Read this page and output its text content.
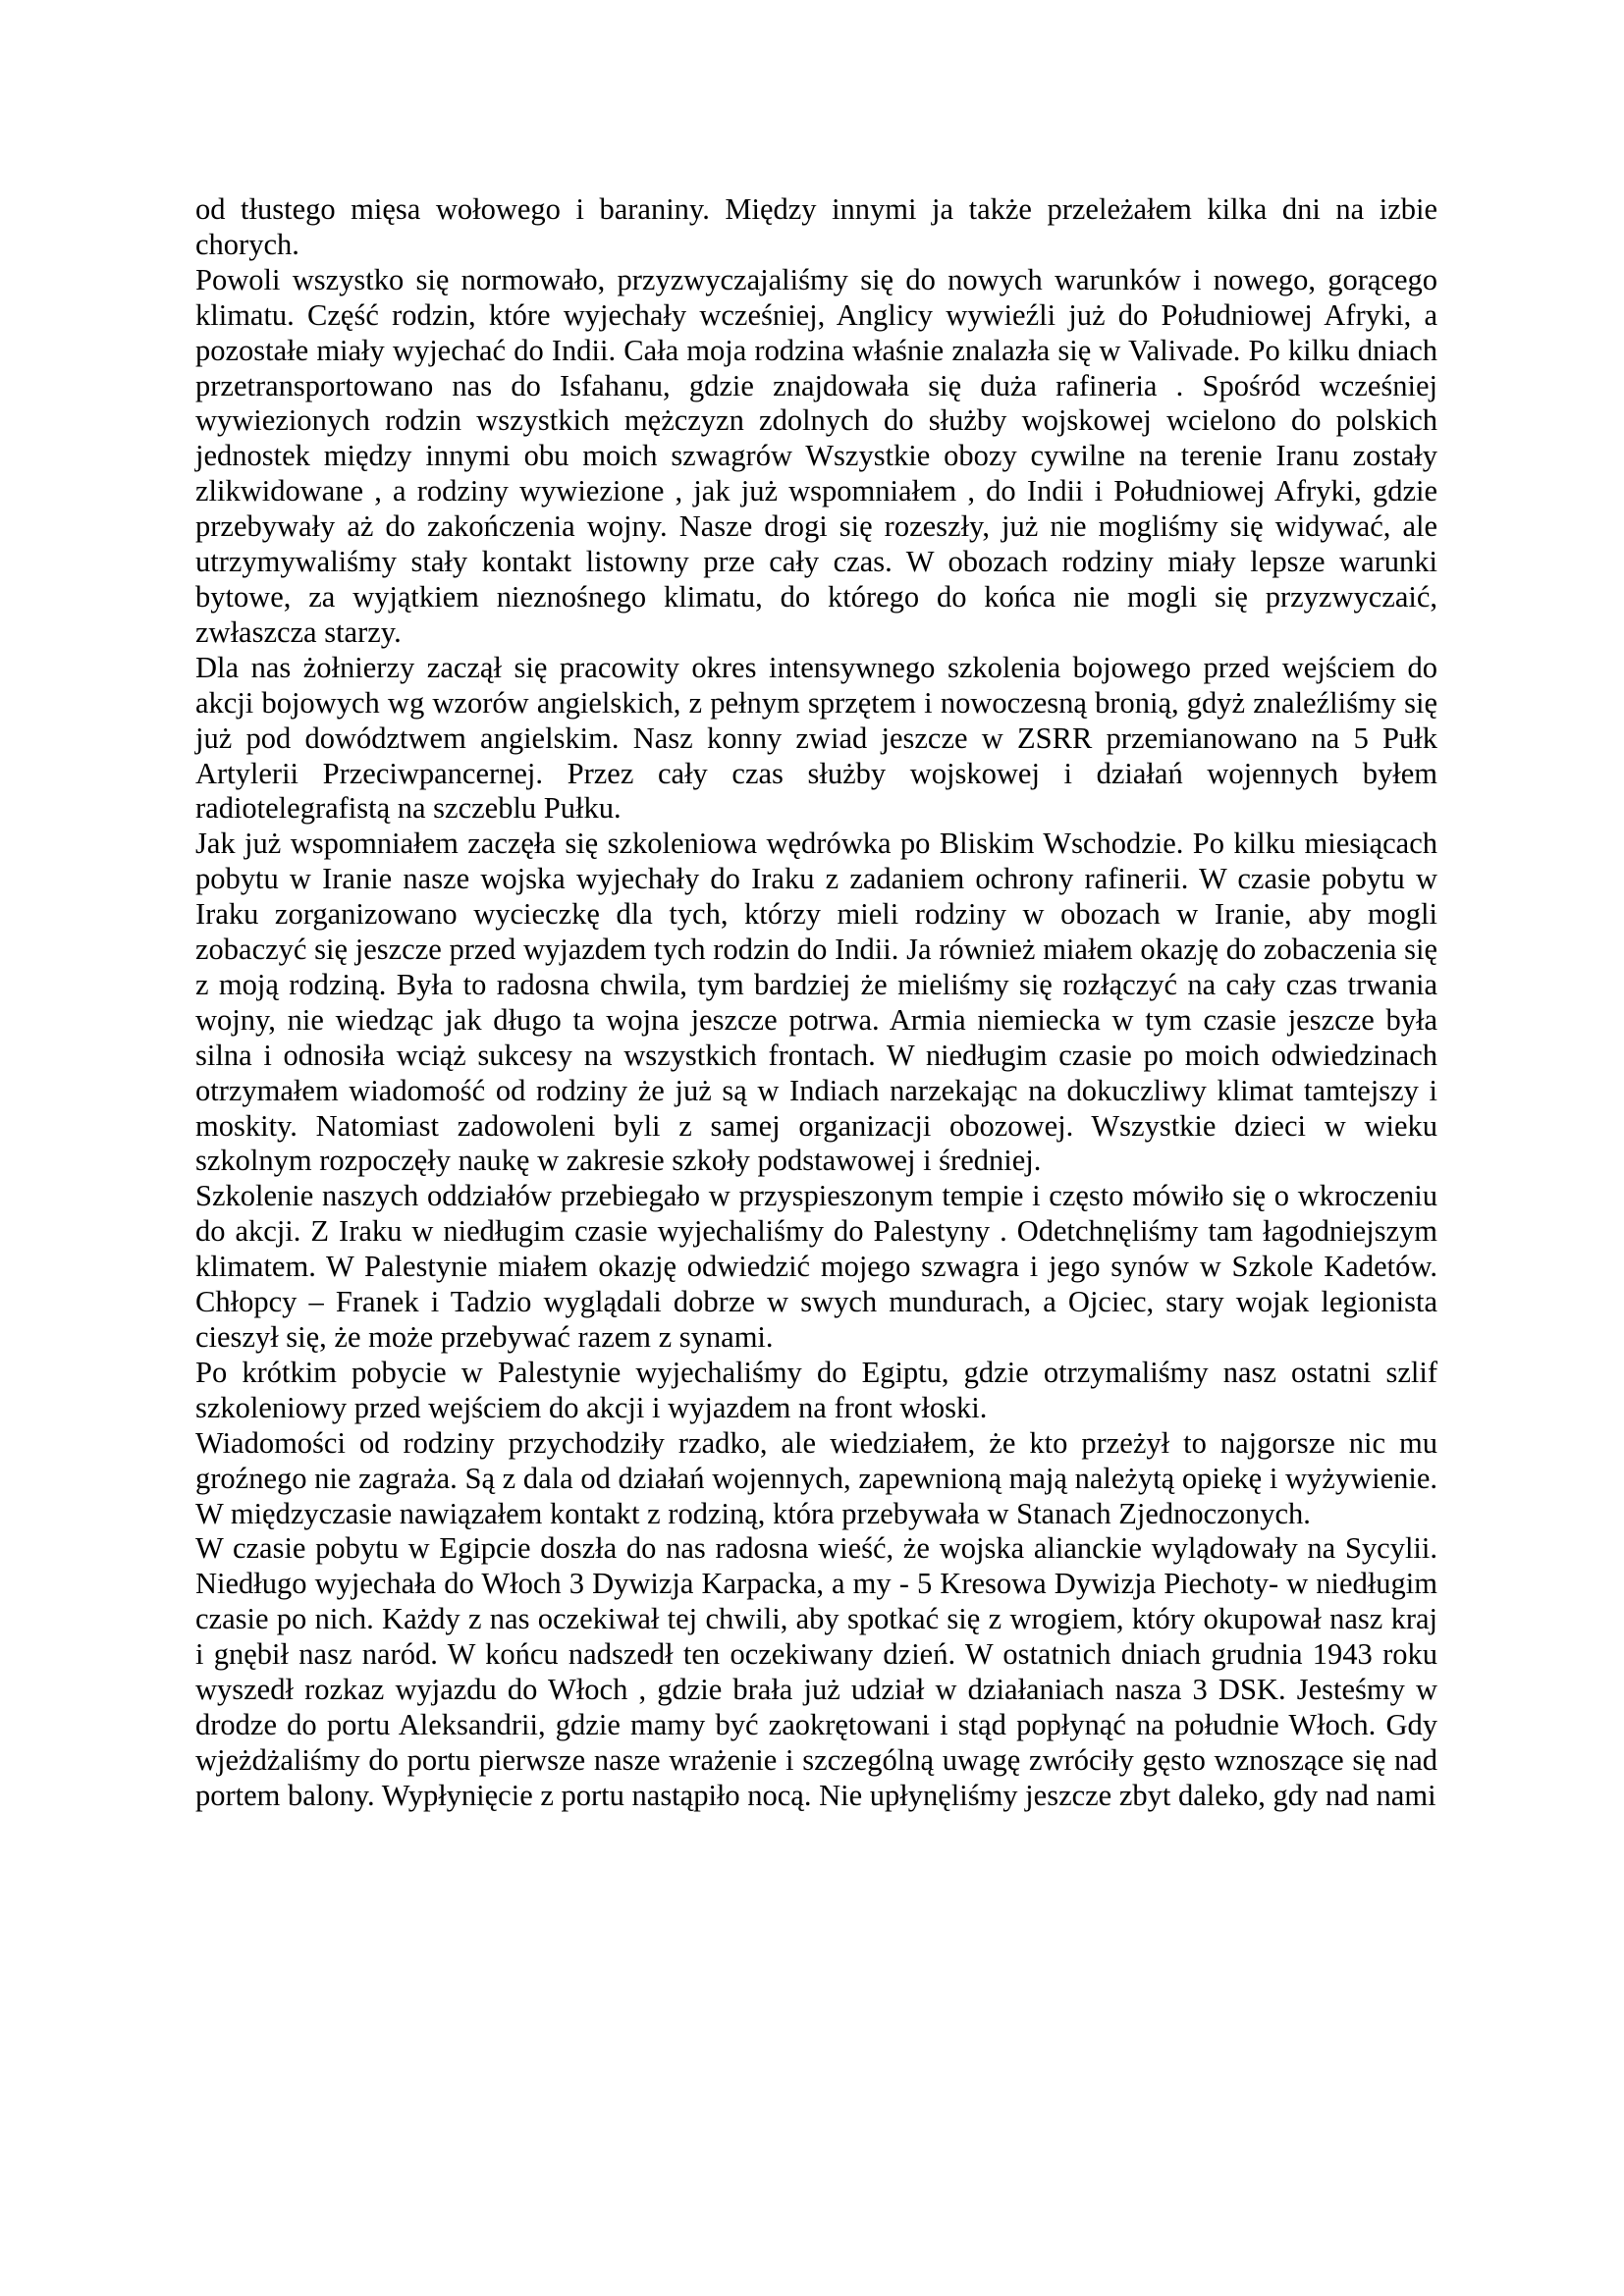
od tłustego mięsa wołowego i baraniny. Między innymi ja także przeleżałem kilka dni na izbie chorych.

Powoli wszystko się normowało, przyzwyczajaliśmy się do nowych warunków i nowego, gorącego klimatu. Część rodzin, które wyjechały wcześniej, Anglicy wywieźli już do Południowej Afryki, a pozostałe miały wyjechać do Indii. Cała moja rodzina właśnie znalazła się w Valivade. Po kilku dniach przetransportowano nas do Isfahanu, gdzie znajdowała się duża rafineria . Spośród wcześniej wywiezionych rodzin wszystkich mężczyzn zdolnych do służby wojskowej wcielono do polskich jednostek między innymi obu moich szwagrów Wszystkie obozy cywilne na terenie Iranu zostały zlikwidowane , a rodziny wywiezione , jak już wspomniałem , do Indii i Południowej Afryki, gdzie przebywały aż do zakończenia wojny. Nasze drogi się rozeszły, już nie mogliśmy się widywać, ale utrzymywaliśmy stały kontakt listowny prze cały czas. W obozach rodziny miały lepsze warunki bytowe, za wyjątkiem nieznośnego klimatu, do którego do końca nie mogli się przyzwyczaić, zwłaszcza starzy.

Dla nas żołnierzy zaczął się pracowity okres intensywnego szkolenia bojowego przed wejściem do akcji bojowych wg wzorów angielskich, z pełnym sprzętem i nowoczesną bronią, gdyż znaleźliśmy się już pod dowództwem angielskim. Nasz konny zwiad jeszcze w ZSRR przemianowano na 5 Pułk Artylerii Przeciwpancernej. Przez cały czas służby wojskowej i działań wojennych byłem radiotelegrafistą na szczeblu Pułku.

Jak już wspomniałem zaczęła się szkoleniowa wędrówka po Bliskim Wschodzie. Po kilku miesiącach pobytu w Iranie nasze wojska wyjechały do Iraku z zadaniem ochrony rafinerii. W czasie pobytu w Iraku zorganizowano wycieczkę dla tych, którzy mieli rodziny w obozach w Iranie, aby mogli zobaczyć się jeszcze przed wyjazdem tych rodzin do Indii. Ja również miałem okazję do zobaczenia się z moją rodziną. Była to radosna chwila, tym bardziej że mieliśmy się rozłączyć na cały czas trwania wojny, nie wiedząc jak długo ta wojna jeszcze potrwa. Armia niemiecka w tym czasie jeszcze była silna i odnosiła wciąż sukcesy na wszystkich frontach. W niedługim czasie po moich odwiedzinach otrzymałem wiadomość od rodziny że już są w Indiach narzekając na dokuczliwy klimat tamtejszy i moskity. Natomiast zadowoleni byli z samej organizacji obozowej. Wszystkie dzieci w wieku szkolnym rozpoczęły naukę w zakresie szkoły podstawowej i średniej.

Szkolenie naszych oddziałów przebiegało w przyspieszonym tempie i często mówiło się o wkroczeniu do akcji. Z Iraku w niedługim czasie wyjechaliśmy do Palestyny . Odetchnęliśmy tam łagodniejszym klimatem. W Palestynie miałem okazję odwiedzić mojego szwagra i jego synów w Szkole Kadetów. Chłopcy – Franek i Tadzio wyglądali dobrze w swych mundurach, a Ojciec, stary wojak legionista cieszył się, że może przebywać razem z synami.

Po krótkim pobycie w Palestynie wyjechaliśmy do Egiptu, gdzie otrzymaliśmy nasz ostatni szlif szkoleniowy przed wejściem do akcji i wyjazdem na front włoski.

Wiadomości od rodziny przychodziły rzadko, ale wiedziałem, że kto przeżył to najgorsze nic mu groźnego nie zagraża. Są z dala od działań wojennych, zapewnioną mają należytą opiekę i wyżywienie. W międzyczasie nawiązałem kontakt z rodziną, która przebywała w Stanach Zjednoczonych.

W czasie pobytu w Egipcie doszła do nas radosna wieść, że wojska alianckie wylądowały na Sycylii. Niedługo wyjechała do Włoch 3 Dywizja Karpacka, a my - 5 Kresowa Dywizja Piechoty- w niedługim czasie po nich. Każdy z nas oczekiwał tej chwili, aby spotkać się z wrogiem, który okupował nasz kraj i gnębił nasz naród. W końcu nadszedł ten oczekiwany dzień. W ostatnich dniach grudnia 1943 roku wyszedł rozkaz wyjazdu do Włoch , gdzie brała już udział w działaniach nasza 3 DSK. Jesteśmy w drodze do portu Aleksandrii, gdzie mamy być zaokrętowani i stąd popłynąć na południe Włoch. Gdy wjeżdżaliśmy do portu pierwsze nasze wrażenie i szczególną uwagę zwróciły gęsto wznoszące się nad portem balony. Wypłynięcie z portu nastąpiło nocą. Nie upłynęliśmy jeszcze zbyt daleko, gdy nad nami
